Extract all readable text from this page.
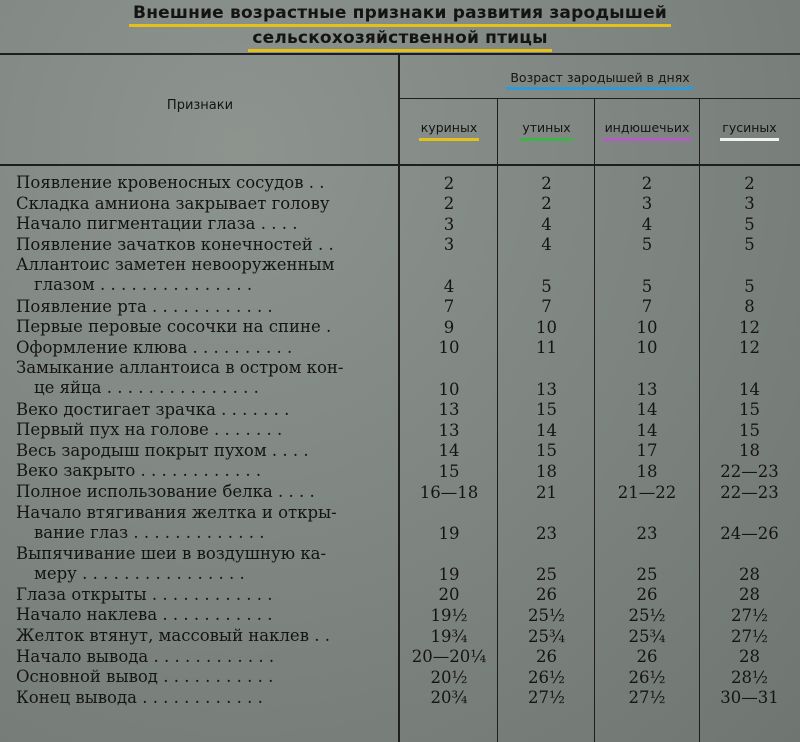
Внешние возрастные признаки развития зародышей
сельскохозяйственной птицы
Признаки
Возраст зародышей в днях
куриных	утиных	индюшечьих	гусиных
Появление кровеносных сосудов . .	2	2	2	2
Складка амниона закрывает голову	2	2	3	3
Начало пигментации глаза . . . .	3	4	4	5
Появление зачатков конечностей . .	3	4	5	5
Аллантоис заметен невооруженным
глазом . . . . . . . . . . . . . . .	4	5	5	5
Появление рта . . . . . . . . . . . .	7	7	7	8
Первые перовые сосочки на спине .	9	10	10	12
Оформление клюва . . . . . . . . . .	10	11	10	12
Замыкание аллантоиса в остром кон-
це яйца . . . . . . . . . . . . . . .	10	13	13	14
Веко достигает зрачка . . . . . . .	13	15	14	15
Первый пух на голове . . . . . . .	13	14	14	15
Весь зародыш покрыт пухом . . . .	14	15	17	18
Веко закрыто . . . . . . . . . . . .	15	18	18	22—23
Полное использование белка . . . .	16—18	21	21—22	22—23
Начало втягивания желтка и откры-
вание глаз . . . . . . . . . . . . .	19	23	23	24—26
Выпячивание шеи в воздушную ка-
меру . . . . . . . . . . . . . . . .	19	25	25	28
Глаза открыты . . . . . . . . . . . .	20	26	26	28
Начало наклева . . . . . . . . . . .	19½	25½	25½	27½
Желток втянут, массовый наклев . .	19¾	25¾	25¾	27½
Начало вывода . . . . . . . . . . . .	20—20¼	26	26	28
Основной вывод . . . . . . . . . . .	20½	26½	26½	28½
Конец вывода . . . . . . . . . . . .	20¾	27½	27½	30—31
